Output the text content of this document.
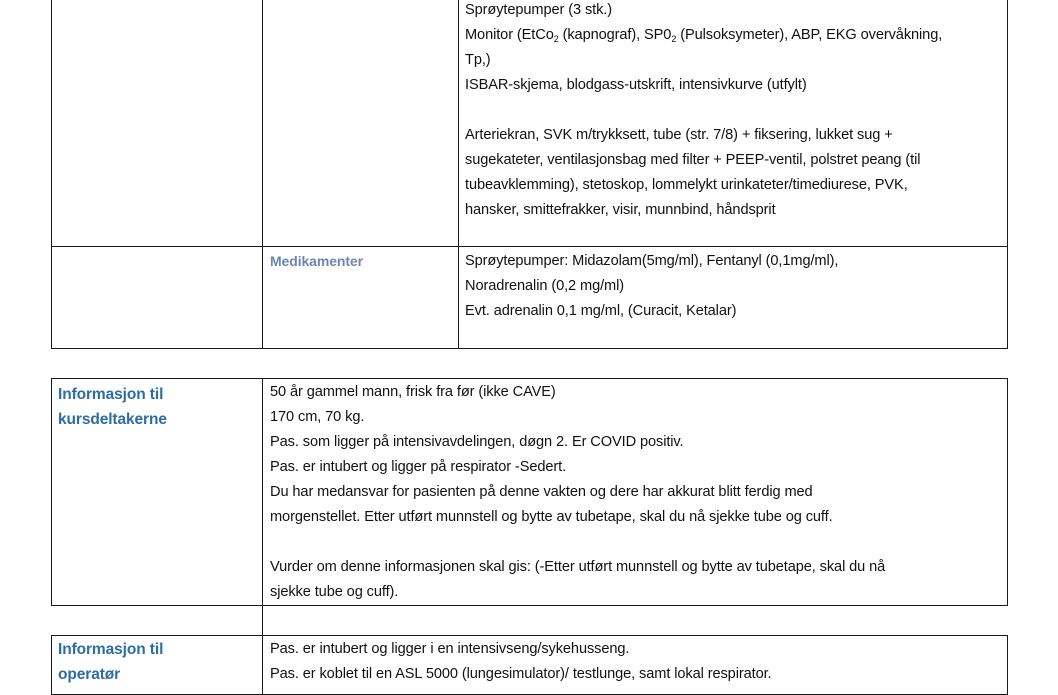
Sprøytepumper (3 stk.)
Monitor (EtCo$_2$ (kapnograf), $SP0_2$ (Pulsoksymeter), ABP, EKG overvåkning,
Tp,)
ISBAR-skjema, blodgass-utskrift, intensivkurve (utfylt)
Arteriekran, SVK m/trykksett, tube (str. 7/8) + fiksering, lukket sug +
sugekateter, ventilasjonsbag med filter + PEEP-ventil, polstret peang (til
tubeavklemming), stetoskop, lommelykt urinkateter/timediurese, PVK,
hansker, smittefrakker, visir, munnbind, håndsprit
Medikamenter	Sprøytepumper: Midazolam(5mg/ml), Fentanyl (0,1mg/ml),
Noradrenalin (0,2 mg/ml)
Evt. adrenalin 0,1 mg/ml, (Curacit, Ketalar)
Informasjon til
kursdeltakerne
50 år gammel mann, frisk fra før (ikke CAVE)
170 cm, 70 kg.
Pas. som ligger på intensivavdelingen, døgn 2. Er COVID positiv.
Pas. er intubert og ligger på respirator -Sedert.
Du har medansvar for pasienten på denne vakten og dere har akkurat blitt ferdig med
morgenstellet. Etter utført munnstell og bytte av tubetape, skal du nå sjekke tube og cuff.
Vurder om denne informasjonen skal gis: (-Etter utført munnstell og bytte av tubetape, skal du nå
sjekke tube og cuff).
Informasjon til
operatør
Pas. er intubert og ligger i en intensivseng/sykehusseng.
Pas. er koblet til en ASL 5000 (lungesimulator)/ testlunge, samt lokal respirator.
